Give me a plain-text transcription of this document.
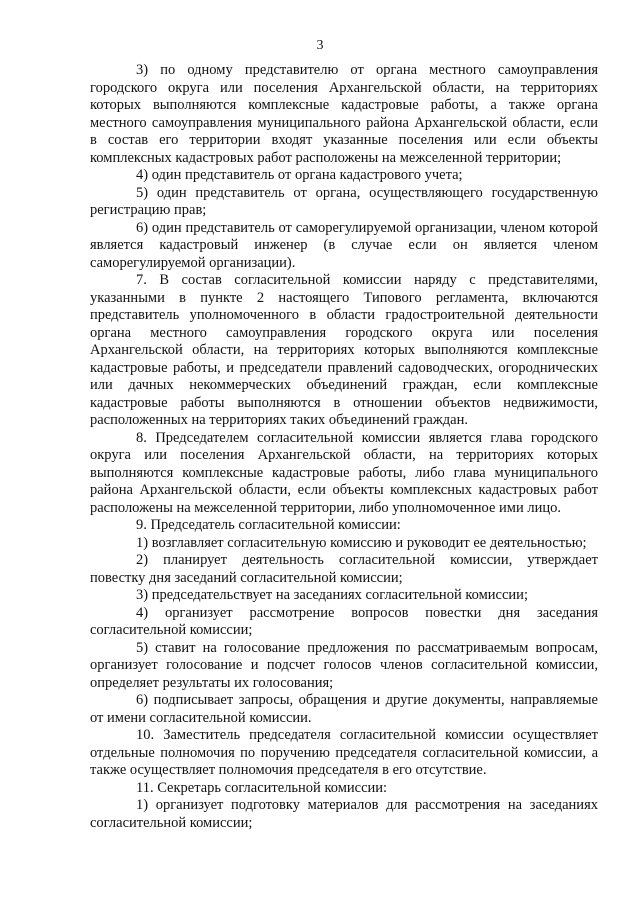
3

3) по одному представителю от органа местного самоуправления городского округа или поселения Архангельской области, на территориях которых выполняются комплексные кадастровые работы, а также органа местного самоуправления муниципального района Архангельской области, если в состав его территории входят указанные поселения или если объекты комплексных кадастровых работ расположены на межселенной территории;

4) один представитель от органа кадастрового учета;

5) один представитель от органа, осуществляющего государственную регистрацию прав;

6) один представитель от саморегулируемой организации, членом которой является кадастровый инженер (в случае если он является членом саморегулируемой организации).

7. В состав согласительной комиссии наряду с представителями, указанными в пункте 2 настоящего Типового регламента, включаются представитель уполномоченного в области градостроительной деятельности органа местного самоуправления городского округа или поселения Архангельской области, на территориях которых выполняются комплексные кадастровые работы, и председатели правлений садоводческих, огороднических или дачных некоммерческих объединений граждан, если комплексные кадастровые работы выполняются в отношении объектов недвижимости, расположенных на территориях таких объединений граждан.

8. Председателем согласительной комиссии является глава городского округа или поселения Архангельской области, на территориях которых выполняются комплексные кадастровые работы, либо глава муниципального района Архангельской области, если объекты комплексных кадастровых работ расположены на межселенной территории, либо уполномоченное ими лицо.

9. Председатель согласительной комиссии:

1) возглавляет согласительную комиссию и руководит ее деятельностью;

2) планирует деятельность согласительной комиссии, утверждает повестку дня заседаний согласительной комиссии;

3) председательствует на заседаниях согласительной комиссии;

4) организует рассмотрение вопросов повестки дня заседания согласительной комиссии;

5) ставит на голосование предложения по рассматриваемым вопросам, организует голосование и подсчет голосов членов согласительной комиссии, определяет результаты их голосования;

6) подписывает запросы, обращения и другие документы, направляемые от имени согласительной комиссии.

10. Заместитель председателя согласительной комиссии осуществляет отдельные полномочия по поручению председателя согласительной комиссии, а также осуществляет полномочия председателя в его отсутствие.

11. Секретарь согласительной комиссии:

1) организует подготовку материалов для рассмотрения на заседаниях согласительной комиссии;
